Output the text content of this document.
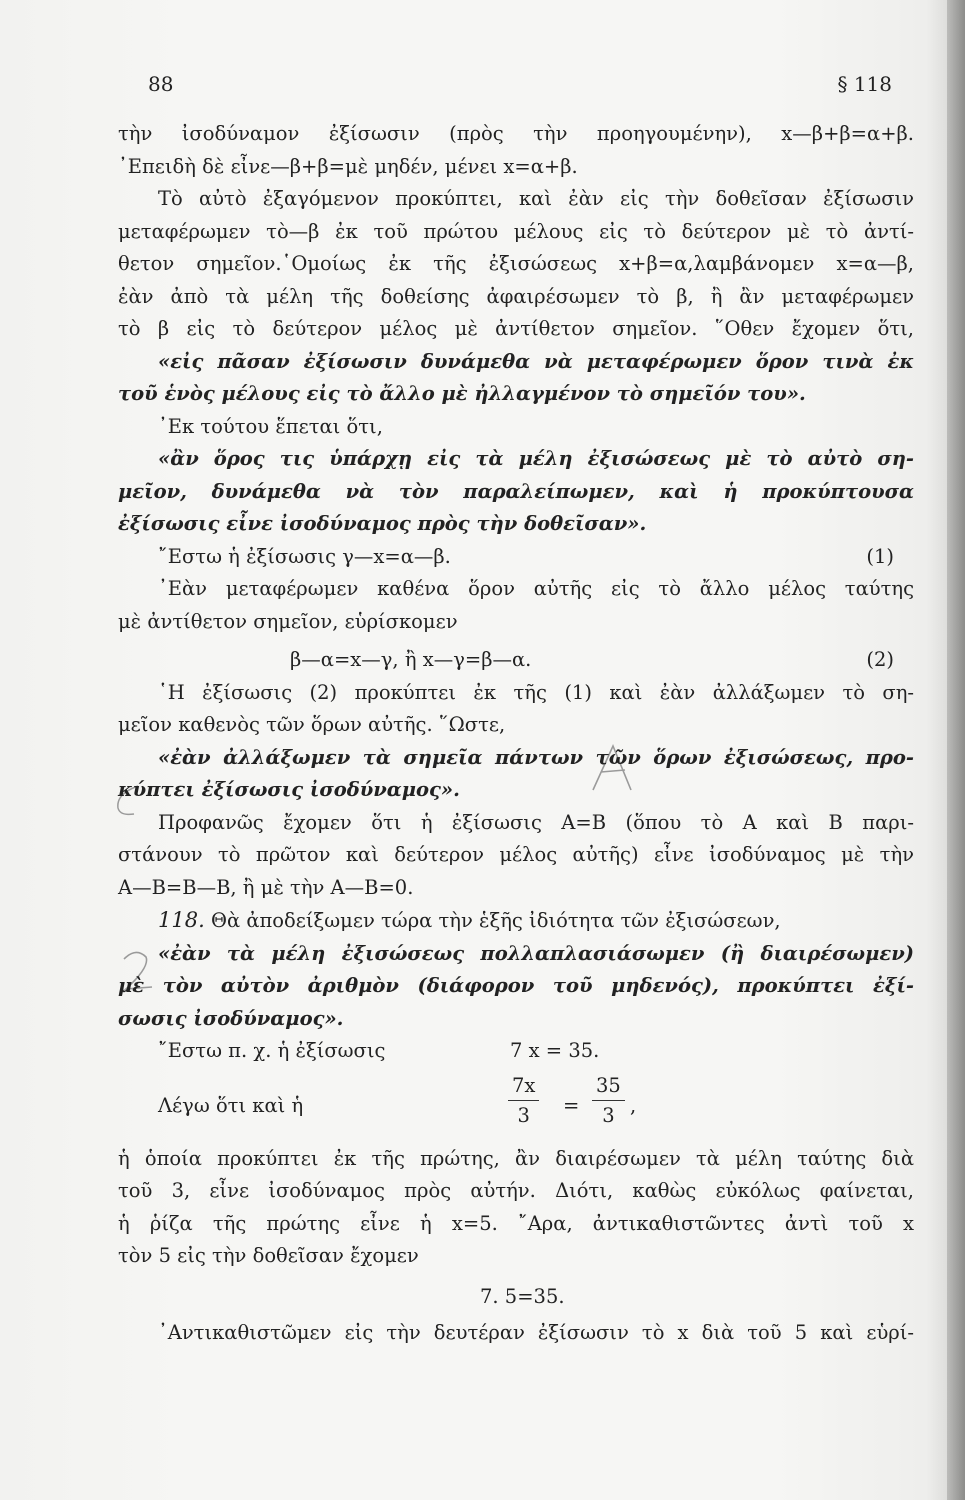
88	§ 118
τὴν ἰσοδύναμον ἐξίσωσιν (πρὸς τὴν προηγουμένην), x—β+β=α+β.
᾿Επειδὴ δὲ εἶνε—β+β=μὲ μηδέν, μένει x=α+β.
Τὸ αὐτὸ ἐξαγόμενον προκύπτει, καὶ ἐὰν εἰς τὴν δοθεῖσαν ἐξίσωσιν
μεταφέρωμεν τὸ—β ἐκ τοῦ πρώτου μέλους εἰς τὸ δεύτερον μὲ τὸ ἀντί-
θετον σημεῖον.῾Ομοίως ἐκ τῆς ἐξισώσεως x+β=α,λαμβάνομεν x=α—β,
ἐὰν ἀπὸ τὰ μέλη τῆς δοθείσης ἀφαιρέσωμεν τὸ β, ἢ ἂν μεταφέρωμεν
τὸ β εἰς τὸ δεύτερον μέλος μὲ ἀντίθετον σημεῖον. ῞Οθεν ἔχομεν ὅτι,
«εἰς πᾶσαν ἐξίσωσιν δυνάμεθα νὰ μεταφέρωμεν ὅρον τινὰ ἐκ
τοῦ ἑνὸς μέλους εἰς τὸ ἄλλο μὲ ἠλλαγμένον τὸ σημεῖόν του».
᾿Εκ τούτου ἕπεται ὅτι,
«ἂν ὅρος τις ὑπάρχῃ εἰς τὰ μέλη ἐξισώσεως μὲ τὸ αὐτὸ ση-
μεῖον, δυνάμεθα νὰ τὸν παραλείπωμεν, καὶ ἡ προκύπτουσα
ἐξίσωσις εἶνε ἰσοδύναμος πρὸς τὴν δοθεῖσαν».
῎Εστω ἡ ἐξίσωσις γ—x=α—β.	(1)
᾿Εὰν μεταφέρωμεν καθένα ὅρον αὐτῆς εἰς τὸ ἄλλο μέλος ταύτης
μὲ ἀντίθετον σημεῖον, εὑρίσκομεν
β—α=x—γ, ἢ x—γ=β—α.	(2)
῾Η ἐξίσωσις (2) προκύπτει ἐκ τῆς (1) καὶ ἐὰν ἀλλάξωμεν τὸ ση-
μεῖον καθενὸς τῶν ὅρων αὐτῆς. ῞Ωστε,
«ἐὰν ἀλλάξωμεν τὰ σημεῖα πάντων τῶν ὅρων ἐξισώσεως, προ-
κύπτει ἐξίσωσις ἰσοδύναμος».
Προφανῶς ἔχομεν ὅτι ἡ ἐξίσωσις A=B (ὅπου τὸ A καὶ B παρι-
στάνουν τὸ πρῶτον καὶ δεύτερον μέλος αὐτῆς) εἶνε ἰσοδύναμος μὲ τὴν
A—B=B—B, ἢ μὲ τὴν A—B=0.
118. Θὰ ἀποδείξωμεν τώρα τὴν ἑξῆς ἰδιότητα τῶν ἐξισώσεων,
«ἐὰν τὰ μέλη ἐξισώσεως πολλαπλασιάσωμεν (ἢ διαιρέσωμεν)
μὲ τὸν αὐτὸν ἀριθμὸν (διάφορον τοῦ μηδενός), προκύπτει ἐξί-
σωσις ἰσοδύναμος».
῎Εστω π. χ. ἡ ἐξίσωσις	7 x = 35.
Λέγω ὅτι καὶ ἡ	$\frac{7x}{3} = \frac{35}{3}$ ,
ἡ ὁποία προκύπτει ἐκ τῆς πρώτης, ἂν διαιρέσωμεν τὰ μέλη ταύτης διὰ
τοῦ 3, εἶνε ἰσοδύναμος πρὸς αὐτήν. Διότι, καθὼς εὐκόλως φαίνεται,
ἡ ῥίζα τῆς πρώτης εἶνε ἡ x=5. ῎Αρα, ἀντικαθιστῶντες ἀντὶ τοῦ x
τὸν 5 εἰς τὴν δοθεῖσαν ἔχομεν
7. 5=35.
᾿Αντικαθιστῶμεν εἰς τὴν δευτέραν ἐξίσωσιν τὸ x διὰ τοῦ 5 καὶ εὑρί-
